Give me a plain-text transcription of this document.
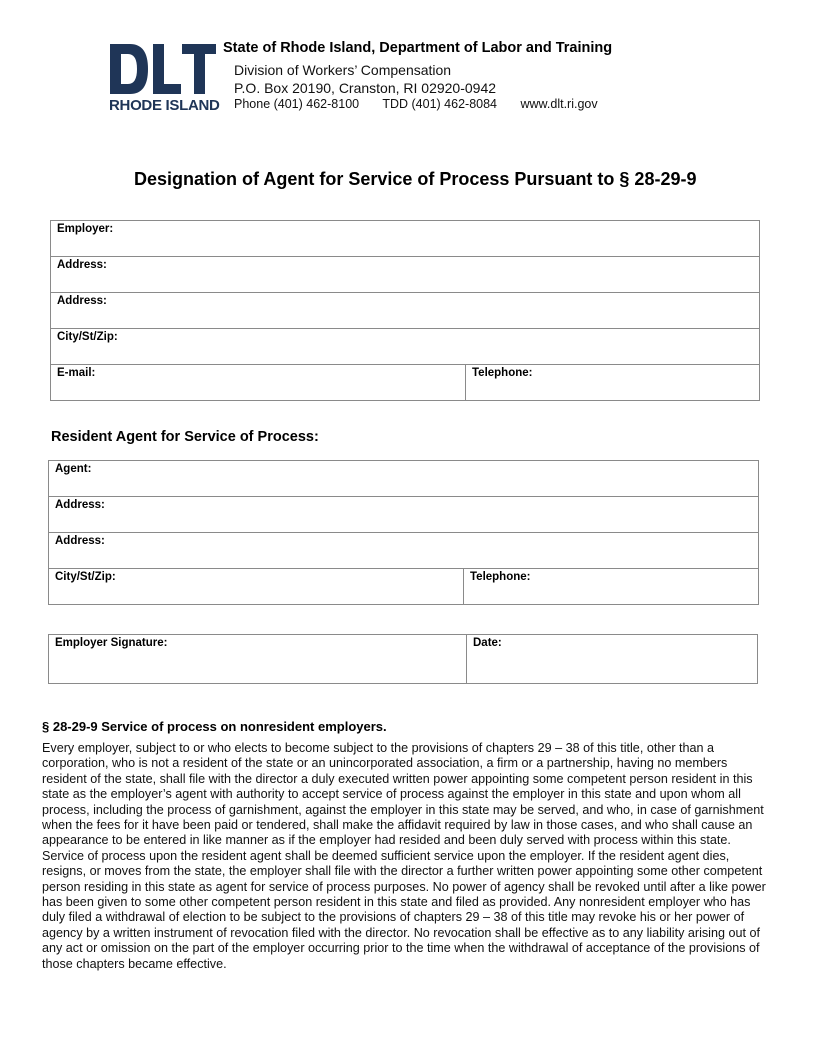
RHODE ISLAND
State of Rhode Island, Department of Labor and Training
Division of Workers’ Compensation
P.O. Box 20190, Cranston, RI 02920-0942
Phone (401) 462-8100 TDD (401) 462-8084 www.dlt.ri.gov
Designation of Agent for Service of Process Pursuant to § 28-29-9
Employer:
Address:
Address:
City/St/Zip:
E-mail:	Telephone:
Resident Agent for Service of Process:
Agent:
Address:
Address:
City/St/Zip:	Telephone:
Employer Signature:	Date:
§ 28-29-9 Service of process on nonresident employers.
Every employer, subject to or who elects to become subject to the provisions of chapters 29 – 38 of this title, other than a corporation, who is not a resident of the state or an unincorporated association, a firm or a partnership, having no members resident of the state, shall file with the director a duly executed written power appointing some competent person resident in this state as the employer’s agent with authority to accept service of process against the employer in this state and upon whom all process, including the process of garnishment, against the employer in this state may be served, and who, in case of garnishment when the fees for it have been paid or tendered, shall make the affidavit required by law in those cases, and who shall cause an appearance to be entered in like manner as if the employer had resided and been duly served with process within this state. Service of process upon the resident agent shall be deemed sufficient service upon the employer. If the resident agent dies, resigns, or moves from the state, the employer shall file with the director a further written power appointing some other competent person residing in this state as agent for service of process purposes. No power of agency shall be revoked until after a like power has been given to some other competent person resident in this state and filed as provided. Any nonresident employer who has duly filed a withdrawal of election to be subject to the provisions of chapters 29 – 38 of this title may revoke his or her power of agency by a written instrument of revocation filed with the director. No revocation shall be effective as to any liability arising out of any act or omission on the part of the employer occurring prior to the time when the withdrawal of acceptance of the provisions of those chapters became effective.
